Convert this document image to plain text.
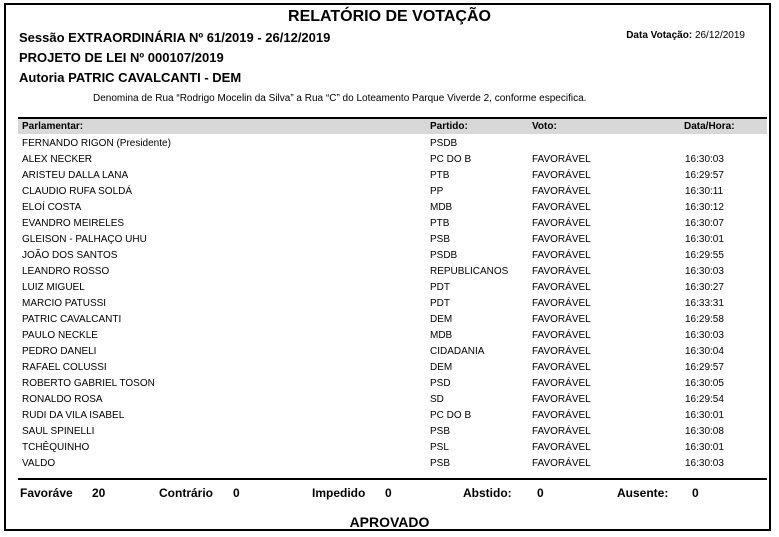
RELATÓRIO DE VOTAÇÃO
Sessão EXTRAORDINÁRIA Nº 61/2019 - 26/12/2019	Data Votação: 26/12/2019
PROJETO DE LEI Nº 000107/2019
Autoria PATRIC CAVALCANTI - DEM
Denomina de Rua “Rodrigo Mocelin da Silva” a Rua “C” do Loteamento Parque Viverde 2, conforme especifica.
Parlamentar:	Partido:	Voto:	Data/Hora:
FERNANDO RIGON (Presidente)	PSDB
ALEX NECKER	PC DO B	FAVORÁVEL	16:30:03
ARISTEU DALLA LANA	PTB	FAVORÁVEL	16:29:57
CLAUDIO RUFA SOLDÁ	PP	FAVORÁVEL	16:30:11
ELOÍ COSTA	MDB	FAVORÁVEL	16:30:12
EVANDRO MEIRELES	PTB	FAVORÁVEL	16:30:07
GLEISON - PALHAÇO UHU	PSB	FAVORÁVEL	16:30:01
JOÃO DOS SANTOS	PSDB	FAVORÁVEL	16:29:55
LEANDRO ROSSO	REPUBLICANOS FAVORÁVEL	16:30:03
LUIZ MIGUEL	PDT	FAVORÁVEL	16:30:27
MARCIO PATUSSI	PDT	FAVORÁVEL	16:33:31
PATRIC CAVALCANTI	DEM	FAVORÁVEL	16:29:58
PAULO NECKLE	MDB	FAVORÁVEL	16:30:03
PEDRO DANELI	CIDADANIA	FAVORÁVEL	16:30:04
RAFAEL COLUSSI	DEM	FAVORÁVEL	16:29:57
ROBERTO GABRIEL TOSON	PSD	FAVORÁVEL	16:30:05
RONALDO ROSA	SD	FAVORÁVEL	16:29:54
RUDI DA VILA ISABEL	PC DO B	FAVORÁVEL	16:30:01
SAUL SPINELLI	PSB	FAVORÁVEL	16:30:08
TCHÊQUINHO	PSL	FAVORÁVEL	16:30:01
VALDO	PSB	FAVORÁVEL	16:30:03
Favoráve 20	Contrário 0	Impedido 0	Abstido: 0	Ausente: 0
APROVADO
